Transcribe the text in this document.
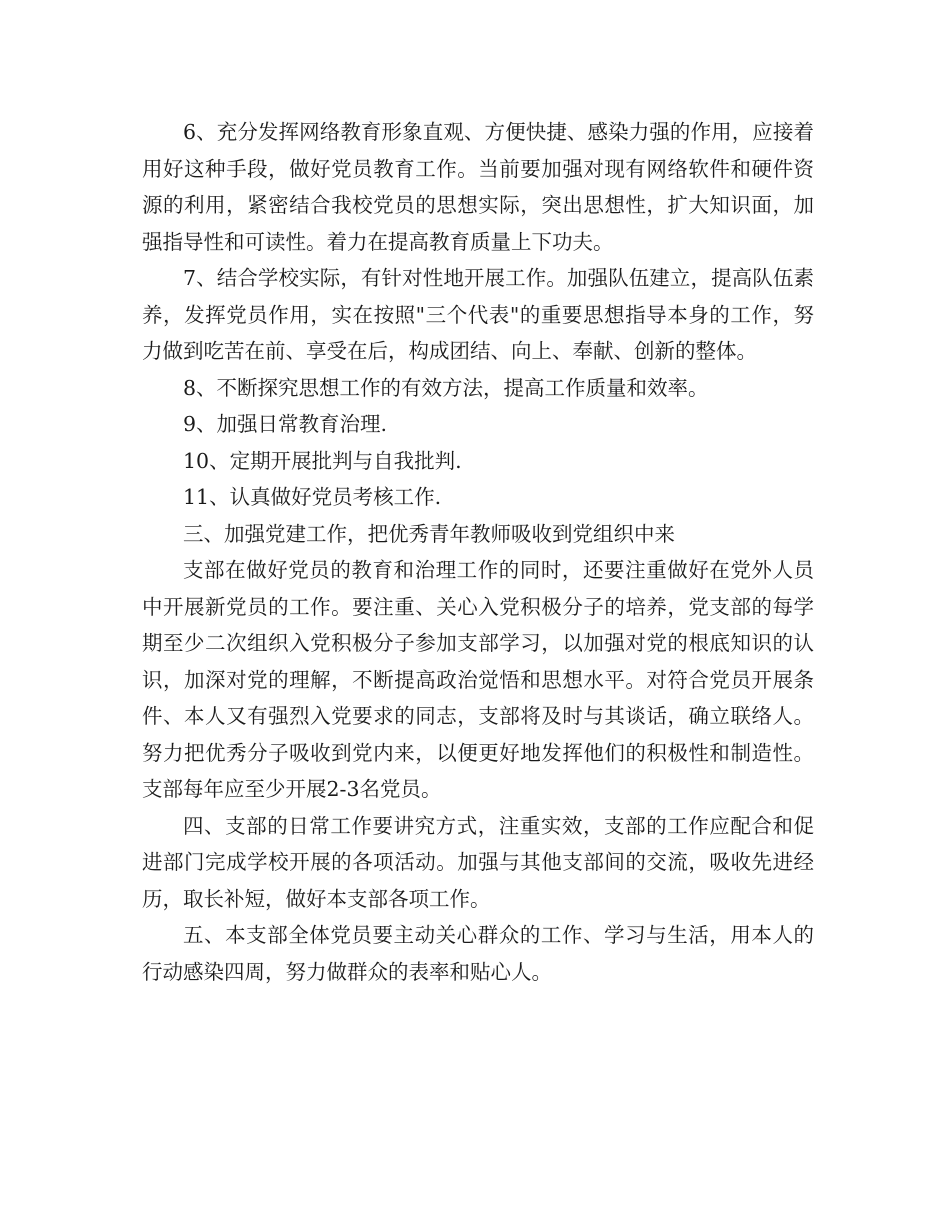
6、充分发挥网络教育形象直观、方便快捷、感染力强的作用，应接着用好这种手段，做好党员教育工作。当前要加强对现有网络软件和硬件资源的利用，紧密结合我校党员的思想实际，突出思想性，扩大知识面，加强指导性和可读性。着力在提高教育质量上下功夫。

7、结合学校实际，有针对性地开展工作。加强队伍建立，提高队伍素养，发挥党员作用，实在按照"三个代表"的重要思想指导本身的工作，努力做到吃苦在前、享受在后，构成团结、向上、奉献、创新的整体。

8、不断探究思想工作的有效方法，提高工作质量和效率。

9、加强日常教育治理.

10、定期开展批判与自我批判.

11、认真做好党员考核工作.

三、加强党建工作，把优秀青年教师吸收到党组织中来

支部在做好党员的教育和治理工作的同时，还要注重做好在党外人员中开展新党员的工作。要注重、关心入党积极分子的培养，党支部的每学期至少二次组织入党积极分子参加支部学习，以加强对党的根底知识的认识，加深对党的理解，不断提高政治觉悟和思想水平。对符合党员开展条件、本人又有强烈入党要求的同志，支部将及时与其谈话，确立联络人。努力把优秀分子吸收到党内来，以便更好地发挥他们的积极性和制造性。支部每年应至少开展2-3名党员。

四、支部的日常工作要讲究方式，注重实效，支部的工作应配合和促进部门完成学校开展的各项活动。加强与其他支部间的交流，吸收先进经历，取长补短，做好本支部各项工作。

五、本支部全体党员要主动关心群众的工作、学习与生活，用本人的行动感染四周，努力做群众的表率和贴心人。
